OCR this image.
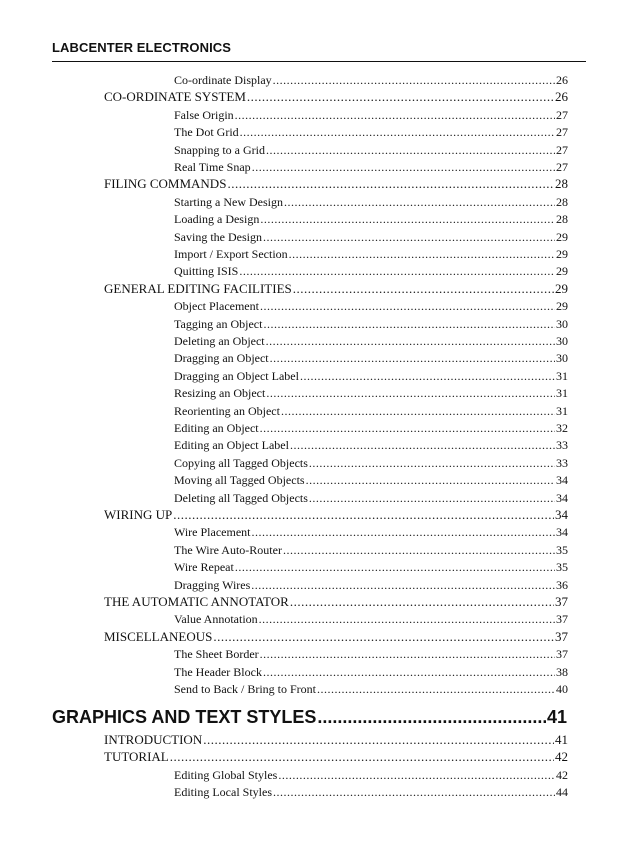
LABCENTER ELECTRONICS
Co-ordinate Display .....	26
CO-ORDINATE SYSTEM .....	26
False Origin .....	27
The Dot Grid .....	27
Snapping to a Grid .....	27
Real Time Snap .....	27
FILING COMMANDS .....	28
Starting a New Design .....	28
Loading a Design .....	28
Saving the Design .....	29
Import / Export Section .....	29
Quitting ISIS .....	29
GENERAL EDITING FACILITIES .....	29
Object Placement .....	29
Tagging an Object .....	30
Deleting an Object .....	30
Dragging an Object .....	30
Dragging an Object Label .....	31
Resizing an Object .....	31
Reorienting an Object .....	31
Editing an Object .....	32
Editing an Object Label .....	33
Copying all Tagged Objects .....	33
Moving all Tagged Objects .....	34
Deleting all Tagged Objects .....	34
WIRING UP .....	34
Wire Placement .....	34
The Wire Auto-Router .....	35
Wire Repeat .....	35
Dragging Wires .....	36
THE AUTOMATIC ANNOTATOR .....	37
Value Annotation .....	37
MISCELLANEOUS .....	37
The Sheet Border .....	37
The Header Block .....	38
Send to Back / Bring to Front .....	40
GRAPHICS AND TEXT STYLES .....	41
INTRODUCTION .....	41
TUTORIAL .....	42
Editing Global Styles .....	42
Editing Local Styles .....	44
